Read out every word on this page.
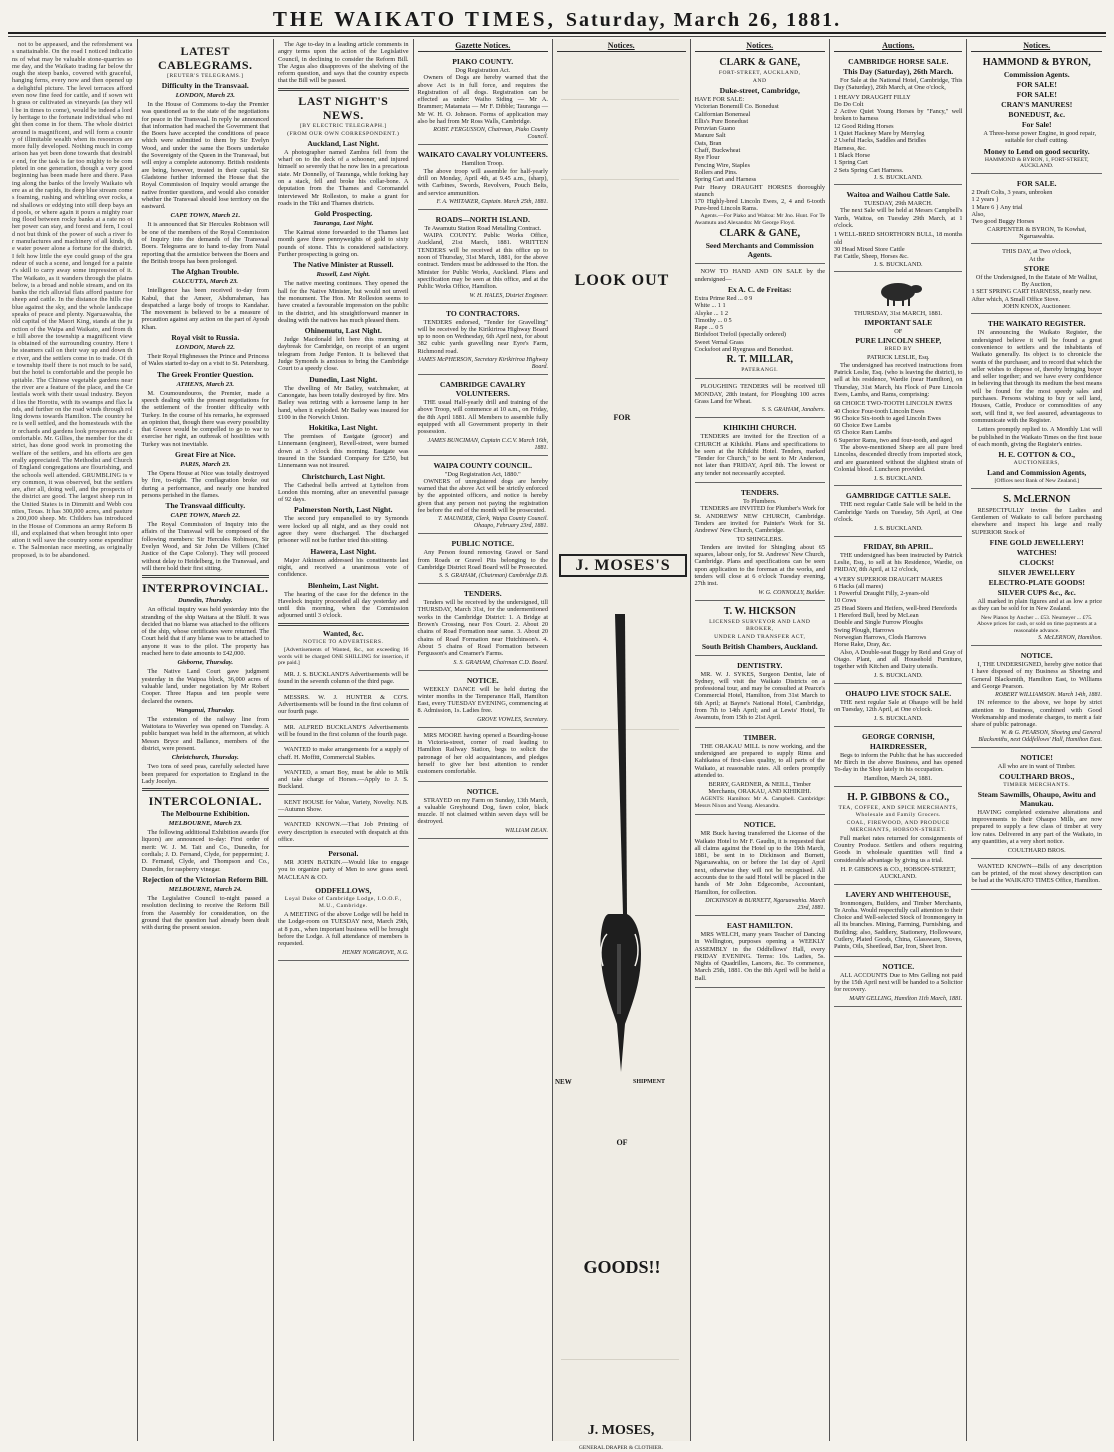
THE WAIKATO TIMES, Saturday, March 26, 1881.

not to be appeased, and the refreshment was unattainable. On the road I noticed indications of what may be valuable stone-quarries some day, and the Waikato trading far below through the steep banks, covered with graceful, hanging ferns, every now and then opened up a delightful picture. The level terraces afford even now fine feed for cattle, and if sown with grass or cultivated as vineyards (as they will be in times to come), would be indeed a lordly heritage to the fortunate individual who might then come in for them. The whole district around is magnificent, and will form a country of illimitable wealth when its resources are more fully developed. Nothing much in comparison has yet been done towards that desirable end, for the task is far too mighty to be completed in one generation, though a very good beginning has been made here and there. Passing along the banks of the lovely Waikato where as at the rapids, its deep blue stream comes foaming, rushing and whirling over rocks, and shallows or eddying into still deep bays and pools, or where again it pours a mighty roaring flood between rocky banks at a rate no other power can stay, and forest and fern, I could not but think of the power of such a river for manufactures and machinery of all kinds, the water power alone a fortune for the district. I felt how little the eye could grasp of the grandeur of such a scene, and longed for a painter's skill to carry away some impression of it. The Waikato, as it wanders through the plains below, is a broad and noble stream, and on its banks the rich alluvial flats afford pasture for sheep and cattle. In the distance the hills rise blue against the sky, and the whole landscape speaks of peace and plenty. Ngaruawahia, the old capital of the Maori King, stands at the junction of the Waipa and Waikato, and from the hill above the township a magnificent view is obtained of the surrounding country. Here the steamers call on their way up and down the river, and the settlers come in to trade. Of the township itself there is not much to be said, but the hotel is comfortable and the people hospitable. The Chinese vegetable gardens near the river are a feature of the place, and the Celestials work with their usual industry. Beyond lies the Horotiu, with its swamps and flax lands, and further on the road winds through rolling downs towards Hamilton. The country here is well settled, and the homesteads with their orchards and gardens look prosperous and comfortable. Mr. Gillies, the member for the district, has done good work in promoting the welfare of the settlers, and his efforts are generally appreciated. The Methodist and Church of England congregations are flourishing, and the schools well attended. GRUMBLING is very common, it was observed, but the settlers are, after all, doing well, and the prospects of the district are good. The largest sheep run in the United States is in Dimmitt and Webb counties, Texas. It has 300,000 acres, and pastures 200,000 sheep. Mr. Childers has introduced in the House of Commons an army Reform Bill, and explained that when brought into operation it will save the country some expenditure. The Salmonian race meeting, as originally proposed, is to be abandoned.

LATEST CABLEGRAMS.
[REUTER'S TELEGRAMS.]
Difficulty in the Transvaal.
LONDON, March 23.

In the House of Commons to-day the Premier was questioned as to the state of the negotiations for peace in the Transvaal. In reply he announced that information had reached the Government that the Boers have accepted the conditions of peace which were submitted to them by Sir Evelyn Wood, and under the same the Boers undertake the Sovereignty of the Queen in the Transvaal, but will enjoy a complete autonomy. British residents are being, however, treated in their capital. Sir Gladstone further informed the House that the Royal Commission of Inquiry would arrange the native frontier questions, and would also consider whether the Transvaal should lose territory on the eastward.

CAPE TOWN, March 21.

It is announced that Sir Hercules Robinson will be one of the members of the Royal Commission of Inquiry into the demands of the Transvaal Boers. Telegrams are to hand to-day from Natal reporting that the armistice between the Boers and the British troops has been prolonged.

The Afghan Trouble.
CALCUTTA, March 23.

Intelligence has been received to-day from Kabul, that the Ameer, Abdurrahman, has despatched a large body of troops to Kandahar. The movement is believed to be a measure of precaution against any action on the part of Ayoub Khan.

Royal visit to Russia.
LONDON, March 22.

Their Royal Highnesses the Prince and Princess of Wales started to-day on a visit to St. Petersburg.

The Greek Frontier Question.
ATHENS, March 23.

M. Coumoundouros, the Premier, made a speech dealing with the present negotiations for the settlement of the frontier difficulty with Turkey. In the course of his remarks, he expressed an opinion that, though there was every possibility that Greece would be compelled to go to war to exercise her right, an outbreak of hostilities with Turkey was not inevitable.

Great Fire at Nice.
PARIS, March 23.

The Opera House at Nice was totally destroyed by fire, to-night. The conflagration broke out during a performance, and nearly one hundred persons perished in the flames.

The Transvaal difficulty.
CAPE TOWN, March 22.

The Royal Commission of Inquiry into the affairs of the Transvaal will be composed of the following members: Sir Hercules Robinson, Sir Evelyn Wood, and Sir John De Villiers (Chief Justice of the Cape Colony). They will proceed without delay to Heidelberg, in the Transvaal, and will there hold their first sitting.

INTERPROVINCIAL.
Dunedin, Thursday.

An official inquiry was held yesterday into the stranding of the ship Waitara at the Bluff. It was decided that no blame was attached to the officers of the ship, whose certificates were returned. The Court held that if any blame was to be attached to anyone it was to the pilot. The property has reached here to date amounts to £42,000.

Gisborne, Thursday.

The Native Land Court gave judgment yesterday in the Waipoa block, 36,000 acres of valuable land, under negotiation by Mr Robert Cooper. Three Hapus and ten people were declared the owners.

Wanganui, Thursday.

The extension of the railway line from Waitotara to Waverley was opened on Tuesday. A public banquet was held in the afternoon, at which Messrs Bryce and Ballance, members of the district, were present.

Christchurch, Thursday.

Two tons of seed peas, carefully selected have been prepared for exportation to England in the Lady Jocelyn.

INTERCOLONIAL.
The Melbourne Exhibition.
MELBOURNE, March 23.

The following additional Exhibition awards (for liquors) are announced to-day: First order of merit: W. J. M. Tait and Co., Dunedin, for cordials; J. D. Fernand, Clyde, for peppermint; J. D. Fernand, Clyde, and Thompson and Co., Dunedin, for raspberry vinegar.

Rejection of the Victorian Reform Bill.
MELBOURNE, March 24.

The Legislative Council to-night passed a resolution declining to receive the Reform Bill from the Assembly for consideration, on the ground that the question had already been dealt with during the present session.

The Age to-day in a leading article comments in angry terms upon the action of the Legislative Council, in declining to consider the Reform Bill. The Argus also disapproves of the shelving of the reform question, and says that the country expects that the Bill will be passed.

LAST NIGHT'S NEWS.
[BY ELECTRIC TELEGRAPH.]
(FROM OUR OWN CORRESPONDENT.)
Auckland, Last Night.

A photographer named Zambra fell from the wharf on to the deck of a schooner, and injured himself so severely that he now lies in a precarious state. Mr Donnelly, of Tauranga, while forking hay on a stack, fell and broke his collar-bone. A deputation from the Thames and Coromandel interviewed Mr Rolleston, to make a grant for roads in the Tiki and Thames districts.

Gold Prospecting.
Tauranga, Last Night.

The Kaimai stone forwarded to the Thames last month gave three pennyweights of gold to sixty pounds of stone. This is considered satisfactory. Further prospecting is going on.

The Native Minister at Russell.
Russell, Last Night.

The native meeting continues. They opened the hall for the Native Minister, but would not unveil the monument. The Hon. Mr Rolleston seems to have created a favourable impression on the public in the district, and his straightforward manner in dealing with the natives has much pleased them.

Ohinemutu, Last Night.

Judge Macdonald left here this morning at daybreak for Cambridge, on receipt of an urgent telegram from Judge Fenton. It is believed that Judge Symonds is anxious to bring the Cambridge Court to a speedy close.

Dunedin, Last Night.

The dwelling of Mr Bailey, watchmaker, at Canongate, has been totally destroyed by fire. Mrs Bailey was retiring with a kerosene lamp in her hand, when it exploded. Mr Bailey was insured for £100 in the Norwich Union.

Hokitika, Last Night.

The premises of Eastgate (grocer) and Linnemann (engineer), Revell-street, were burned down at 3 o'clock this morning. Eastgate was insured in the Standard Company for £250, but Linnemann was not insured.

Christchurch, Last Night.

The Cathedral bells arrived at Lyttelton from London this morning, after an uneventful passage of 92 days.

Palmerston North, Last Night.

The second jury empanelled to try Symonds were locked up all night, and as they could not agree they were discharged. The discharged prisoner will not be further tried this sitting.

Hawera, Last Night.

Major Atkinson addressed his constituents last night, and received a unanimous vote of confidence.

Blenheim, Last Night.

The hearing of the case for the defence in the Havelock inquiry proceeded all day yesterday and until this morning, when the Commission adjourned until 3 o'clock.

Wanted, &c.
NOTICE TO ADVERTISERS.

[Advertisements of Wanted, &c., not exceeding 16 words will be charged ONE SHILLING for insertion, if pre paid.]

MR. J. S. BUCKLAND'S Advertisements will be found in the seventh column of the third page.

MESSRS. W. J. HUNTER & CO'S. Advertisements will be found in the first column of our fourth page.

MR. ALFRED BUCKLAND'S Advertisements will be found in the first column of the fourth page.

WANTED to make arrangements for a supply of chaff. H. Moffitt, Commercial Stables.

WANTED, a smart Boy, must be able to Milk and take charge of Horses.—Apply to J. S. Buckland.

KENT HOUSE for Value, Variety, Novelty. N.B.—Autumn Show.

WANTED KNOWN.—That Job Printing of every description is executed with despatch at this office.

Personal.

MR JOHN BATKIN.—Would like to engage you to organize party of Men to sow grass seed. MACLEAN & CO.

ODDFELLOWS,
Loyal Duke of Cambridge Lodge, I.O.O.F., M.U., Cambridge.

A MEETING of the above Lodge will be held in the Lodge-room on TUESDAY next, March 29th, at 8 p.m., when important business will be brought before the Lodge. A full attendance of members is requested.

HENRY NORGROVE, N.G.
Gazette Notices.
PIAKO COUNTY.
Dog Registration Act.

Owners of Dogs are hereby warned that the above Act is in full force, and requires the Registration of all dogs. Registration can be effected as under: Waiho Siding — Mr A. Brammer; Matamata — Mr F. Dibble; Tauranga — Mr W. H. O. Johnson. Forms of application may also be had from Mr Ross Walls, Cambridge.

ROBT. FERGUSSON, Chairman, Piako County Council.
WAIKATO CAVALRY VOLUNTEERS.
Hamilton Troop.

The above troop will assemble for half-yearly drill on Monday, April 4th, at 9.45 a.m., (sharp), with Carbines, Swords, Revolvers, Pouch Belts, and service ammunition.

F. A. WHITAKER, Captain. March 25th, 1881.
ROADS—NORTH ISLAND.
Te Awamutu Station Road Metalling Contract.

WAIPA COUNTY. Public Works Office, Auckland, 21st March, 1881. WRITTEN TENDERS will be received at this office up to noon of Thursday, 31st March, 1881, for the above contract. Tenders must be addressed to the Hon. the Minister for Public Works, Auckland. Plans and specification may be seen at this office, and at the Public Works Office, Hamilton.

W. H. HALES, District Engineer.
TO CONTRACTORS.

TENDERS endorsed, "Tender for Gravelling" will be received by the Kirikiriroa Highway Board up to noon on Wednesday, 6th April next, for about 382 cubic yards gravelling near Eyre's Farm, Richmond road.

JAMES McPHERSON, Secretary Kirikiriroa Highway Board.
CAMBRIDGE CAVALRY VOLUNTEERS.

THE usual Half-yearly drill and training of the above Troop, will commence at 10 a.m., on Friday, the 8th April 1881. All Members to assemble fully equipped with all Government property in their possession.

JAMES BUNCIMAN, Captain C.C.V. March 16th, 1881.
WAIPA COUNTY COUNCIL.
"Dog Registration Act, 1880."

OWNERS of unregistered dogs are hereby warned that the above Act will be strictly enforced by the appointed officers, and notice is hereby given that any person not paying the registration fee before the end of the month will be prosecuted.

T. MAUNDER, Clerk, Waipa County Council. Ohaupo, February 23rd, 1881.
PUBLIC NOTICE.

Any Person found removing Gravel or Sand from Roads or Gravel Pits belonging to the Cambridge District Road Board will be Prosecuted.

S. S. GRAHAM, (Chairman) Cambridge D.B.
TENDERS.

Tenders will be received by the undersigned, till THURSDAY, March 31st, for the undermentioned works in the Cambridge District: 1. A Bridge at Brown's Crossing, near Fox Court. 2. About 20 chains of Road Formation near same. 3. About 20 chains of Road Formation near Hutchinson's. 4. About 5 chains of Road Formation between Fergusson's and Creamer's Farms.

S. S. GRAHAM, Chairman C.D. Board.
NOTICE.

WEEKLY DANCE will be held during the winter months in the Temperance Hall, Hamilton East, every TUESDAY EVENING, commencing at 8. Admission, 1s. Ladies free.

GROVE VOWLES, Secretary.

MRS MOORE having opened a Boarding-house in Victoria-street, corner of road leading to Hamilton Railway Station, begs to solicit the patronage of her old acquaintances, and pledges herself to give her best attention to render customers comfortable.

NOTICE.

STRAYED on my Farm on Sunday, 13th March, a valuable Greyhound Dog, fawn color, black muzzle. If not claimed within seven days will be destroyed.

WILLIAM DEAN.
Notices.
LOOK OUT
FOR
J. MOSES'S
NEW	SHIPMENT
OF
GOODS!!
J. MOSES,
GENERAL DRAPER & CLOTHIER.
Notices.
CLARK & GANE,
FORT-STREET, AUCKLAND,
AND
Duke-street, Cambridge,
HAVE FOR SALE:
Victorian Bonemill Co. Bonedust
Californian Bonemeal
Ellis's Pure Bonedust
Peruvian Guano
Manure Salt
Oats, Bran
Chaff, Buckwheat
Rye Flour
Fencing Wire, Staples
Rollers and Pins.
Spring Cart and Harness
Pair Heavy DRAUGHT HORSES thoroughly staunch
170 Highly-bred Lincoln Ewes, 2, 4 and 6-tooth Pure-bred Lincoln Rams.

Agents.—For Piako and Waitoa: Mr Jno. Hunt. For Te Awamutu and Alexandra: Mr George Floyd.

CLARK & GANE,
Seed Merchants and Commission Agents.

NOW TO HAND AND ON SALE by the undersigned—

Ex A. C. de Freitas:
Extra Prime Red ... 0 9
White ... 1 1
Alsyke ... 1 2
Timothy ... 0 5
Rape ... 0 5
Birdsfoot Trefoil (specially ordered)
Sweet Vernal Grass
Cocksfoot and Ryegrass and Bonedust.
R. T. MILLAR,
PATERANGI.

PLOUGHING TENDERS will be received till MONDAY, 28th instant, for Ploughing 100 acres Grass Land for Wheat.

S. S. GRAHAM, Janabers.
KIHIKIHI CHURCH.

TENDERS are invited for the Erection of a CHURCH at Kihikihi. Plans and specifications to be seen at the Kihikihi Hotel. Tenders, marked "Tender for Church," to be sent to Mr Anderson, not later than FRIDAY, April 8th. The lowest or any tender not necessarily accepted.

TENDERS.
To Plumbers.

TENDERS are INVITED for Plumber's Work for St. ANDREWS' NEW CHURCH, Cambridge. Tenders are invited for Painter's Work for St. Andrews' New Church, Cambridge.

TO SHINGLERS.

Tenders are invited for Shingling about 65 squares, labour only, for St. Andrews' New Church, Cambridge. Plans and specifications can be seen upon application to the foreman at the works, and tenders will close at 6 o'clock Tuesday evening, 27th inst.

W. G. CONNOLLY, Builder.
T. W. HICKSON
LICENSED SURVEYOR AND LAND BROKER,
UNDER LAND TRANSFER ACT,
South British Chambers, Auckland.
DENTISTRY.

MR. W. J. SYKES, Surgeon Dentist, late of Sydney, will visit the Waikato Districts on a professional tour, and may be consulted at Pearce's Commercial Hotel, Hamilton, from 31st March to 6th April; at Bayne's National Hotel, Cambridge, from 7th to 14th April; and at Lewis' Hotel, Te Awamutu, from 15th to 21st April.

TIMBER.

THE ORAKAU MILL is now working, and the undersigned are prepared to supply Rimu and Kahikatea of first-class quality, to all parts of the Waikato, at reasonable rates. All orders promptly attended to.

BERRY, GARDNER, & NEILL, Timber Merchants, ORAKAU, AND KIHIKIHI.

AGENTS: Hamilton: Mr A. Campbell. Cambridge: Messrs Nixon and Young. Alexandra.

NOTICE.

MR Buck having transferred the License of the Waikato Hotel to Mr F. Gaudin, it is requested that all claims against the Hotel up to the 19th March, 1881, be sent in to Dickinson and Burnett, Ngaruawahia, on or before the 1st day of April next, otherwise they will not be recognised. All accounts due to the said Hotel will be placed in the hands of Mr John Edgecombe, Accountant, Hamilton, for collection.

DICKINSON & BURNETT, Ngaruawahia. March 23rd, 1881.
EAST HAMILTON.

MRS WELCH, many years Teacher of Dancing in Wellington, purposes opening a WEEKLY ASSEMBLY in the Oddfellows' Hall, every FRIDAY EVENING. Terms: 10s. Ladies, 5s. Nights of Quadrilles, Lancers, &c. To commence, March 25th, 1881. On the 8th April will be held a Ball.

Auctions.
CAMBRIDGE HORSE SALE.
This Day (Saturday), 26th March.

For Sale at the National Hotel, Cambridge, This Day (Saturday), 26th March, at One o'clock,

1 HEAVY DRAUGHT FILLY
Do Do Colt
2 Active Quiet Young Horses by "Fancy," well broken to harness
12 Good Riding Horses
1 Quiet Hackney Mare by Merryleg
2 Useful Hacks, Saddles and Bridles
Harness, &c.
1 Black Horse
1 Spring Cart
2 Sets Spring Cart Harness.
J. S. BUCKLAND.
Waitoa and Waihou Cattle Sale.
TUESDAY, 29th MARCH.

The next Sale will be held at Messrs Campbell's Yards, Waitoa, on Tuesday 29th March, at 1 o'clock.

1 WELL-BRED SHORTHORN BULL, 18 months old
30 Head Mixed Store Cattle
Fat Cattle, Sheep, Horses &c.
J. S. BUCKLAND.
THURSDAY, 31st MARCH, 1881.
IMPORTANT SALE
OF
PURE LINCOLN SHEEP,
BRED BY
PATRICK LESLIE, Esq.

The undersigned has received instructions from Patrick Leslie, Esq. (who is leaving the district), to sell at his residence, Wardie (near Hamilton), on Thursday, 31st March, his Flock of Pure Lincoln Ewes, Lambs, and Rams, comprising:

68 CHOICE TWO-TOOTH LINCOLN EWES
40 Choice Four-tooth Lincoln Ewes
96 Choice Six-tooth to aged Lincoln Ewes
60 Choice Ewe Lambs
65 Choice Ram Lambs
6 Superior Rams, two and four-tooth, and aged

The above-mentioned Sheep are all pure bred Lincolns, descended directly from imported stock, and are guaranteed without the slightest strain of Colonial blood. Luncheon provided.

J. S. BUCKLAND.
GAMBRIDGE CATTLE SALE.

THE next regular Cattle Sale will be held in the Cambridge Yards on Tuesday, 5th April, at One o'clock.

J. S. BUCKLAND.
FRIDAY, 8th APRIL.

THE undersigned has been instructed by Patrick Leslie, Esq., to sell at his Residence, Wardie, on FRIDAY, 8th April, at 12 o'clock,

4 VERY SUPERIOR DRAUGHT MARES
6 Hacks (all mares)
1 Powerful Draught Filly, 2-years-old
10 Cows
25 Head Steers and Heifers, well-bred Herefords
1 Hereford Bull, bred by McLean
Double and Single Furrow Ploughs
Swing Plough, Harrows
Norwegian Harrows, Clods Harrows
Horse Rake, Dray, &c.

Also, A Double-seat Buggy by Reid and Gray of Otago. Plant, and all Household Furniture, together with Kitchen and Dairy utensils.

J. S. BUCKLAND.
OHAUPO LIVE STOCK SALE.

THE next regular Sale at Ohaupo will be held on Tuesday, 12th April, at One o'clock.

J. S. BUCKLAND.
GEORGE CORNISH,
HAIRDRESSER,

Begs to inform the Public that he has succeeded Mr Birch in the above Business, and has opened To-day in the Shop lately in his occupation.

Hamilton, March 24, 1881.
H. P. GIBBONS & CO.,
TEA, COFFEE, AND SPICE MERCHANTS, Wholesale and Family Grocers.
COAL, FIREWOOD, AND PRODUCE MERCHANTS, HOBSON-STREET.

Full market rates returned for consignments of Country Produce. Settlers and others requiring Goods in wholesale quantities will find a considerable advantage by giving us a trial.

H. P. GIBBONS & CO., HOBSON-STREET, AUCKLAND.
LAVERY AND WHITEHOUSE,

Ironmongers, Builders, and Timber Merchants, Te Aroha. Would respectfully call attention to their Choice and Well-selected Stock of Ironmongery in all its branches. Mining, Farming, Furnishing, and Building; also, Saddlery, Stationery, Hollowware, Cutlery, Plated Goods, China, Glassware, Stoves, Paints, Oils, Sheetlead, Bar, Iron, Sheet Iron.

NOTICE.

ALL ACCOUNTS Due to Mrs Gelling not paid by the 15th April next will be handed to a Solicitor for recovery.

MARY GELLING, Hamilton 11th March, 1881.
Notices.
HAMMOND & BYRON,
Commission Agents.
FOR SALE!
FOR SALE!
CRAN'S MANURES!
BONEDUST, &c.
For Sale!

A Three-horse power Engine, in good repair, suitable for chaff cutting.

Money to Lend on good security.
HAMMOND & BYRON, 1, FORT-STREET, AUCKLAND.
FOR SALE.
2 Draft Colts, 3 years, unbroken
1 2 years }
1 Mare 6 } Any trial
Also,
Two good Buggy Horses
CARPENTER & BYRON, Te Kowhai, Ngaruawahia.
THIS DAY, at Two o'clock,
At the
STORE
Of the Undersigned, In the Estate of Mr Walliut,
By Auction,
1 SET SPRING CART HARNESS, nearly new.
After which, A Small Office Stove.
JOHN KNOX, Auctioneer.
THE WAIKATO REGISTER.

IN announcing the Waikato Register, the undersigned believe it will be found a great convenience to settlers and the inhabitants of Waikato generally. Its object is to chronicle the wants of the purchaser, and to record that which the seller wishes to dispose of, thereby bringing buyer and seller together; and we have every confidence in believing that through its medium the best means will be found for the most speedy sales and purchases. Persons wishing to buy or sell land, Houses, Cattle, Produce or commodities of any sort, will find it, we feel assured, advantageous to communicate with the Register.

Letters promptly replied to. A Monthly List will be published in the Waikato Times on the first issue of each month, giving the Register's entries.

H. E. COTTON & CO.,
AUCTIONEERS,
Land and Commission Agents,
[Offices next Bank of New Zealand.]
S. McLERNON

RESPECTFULLY invites the Ladies and Gentlemen of Waikato to call before purchasing elsewhere and inspect his large and really SUPERIOR Stock of

FINE GOLD JEWELLERY!
WATCHES!
CLOCKS!
SILVER JEWELLERY
ELECTRO-PLATE GOODS!
SILVER CUPS &c., &c.

All marked in plain figures and at as low a price as they can be sold for in New Zealand.

New Pianos by Ancher ... £53. Neumeyer ... £75.
Above prices for cash, or sold on time payments at a reasonable advance.
S. McLERNON, Hamilton.
NOTICE.

I, THE UNDERSIGNED, hereby give notice that I have disposed of my Business as Shoeing and General Blacksmith, Hamilton East, to Williams and George Pearson.

ROBERT WILLIAMSON. March 14th, 1881.

IN reference to the above, we hope by strict attention to Business, combined with Good Workmanship and moderate charges, to merit a fair share of public patronage.

W. & G. PEARSON, Shoeing and General Blacksmiths, next Oddfellows' Hall, Hamilton East.
NOTICE!
All who are in want of Timber.
COULTHARD BROS.,
TIMBER MERCHANTS.
Steam Sawmills, Ohaupo, Awitu and Manukau.

HAVING completed extensive alterations and improvements to their Ohaupo Mills, are now prepared to supply a few class of timber at very low rates. Delivered in any part of the Waikato, in any quantities, at a very short notice.

COULTHARD BROS.

WANTED KNOWN—Bills of any description can be printed, of the most showy description can be had at the WAIKATO TIMES Office, Hamilton.
